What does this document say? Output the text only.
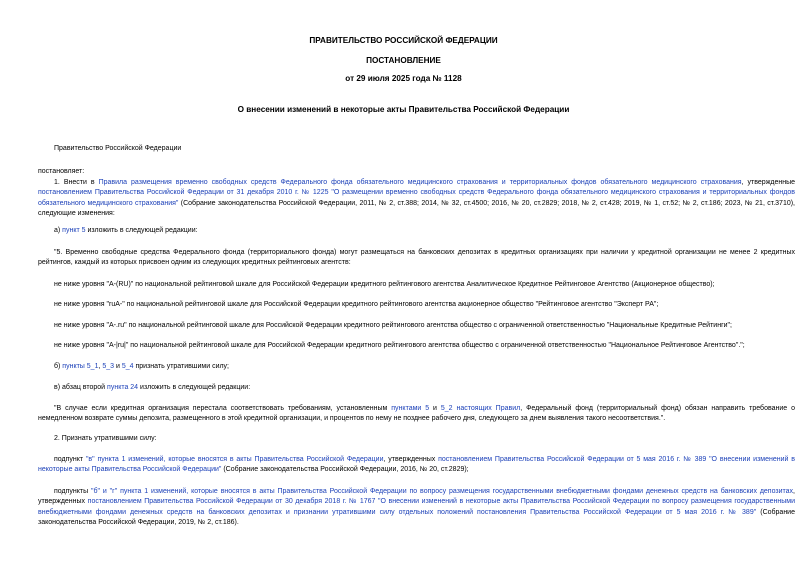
ПРАВИТЕЛЬСТВО РОССИЙСКОЙ ФЕДЕРАЦИИ
ПОСТАНОВЛЕНИЕ
от 29 июля 2025 года № 1128
О внесении изменений в некоторые акты Правительства Российской Федерации

Правительство Российской Федерации

постановляет:

1. Внести в Правила размещения временно свободных средств Федерального фонда обязательного медицинского страхования и территориальных фондов обязательного медицинского страхования, утвержденные постановлением Правительства Российской Федерации от 31 декабря 2010 г. № 1225 "О размещении временно свободных средств Федерального фонда обязательного медицинского страхования и территориальных фондов обязательного медицинского страхования" (Собрание законодательства Российской Федерации, 2011, № 2, ст.388; 2014, № 32, ст.4500; 2016, № 20, ст.2829; 2018, № 2, ст.428; 2019, № 1, ст.52; № 2, ст.186; 2023, № 21, ст.3710), следующие изменения:

а) пункт 5 изложить в следующей редакции:

"5. Временно свободные средства Федерального фонда (территориального фонда) могут размещаться на банковских депозитах в кредитных организациях при наличии у кредитной организации не менее 2 кредитных рейтингов, каждый из которых присвоен одним из следующих кредитных рейтинговых агентств:

не ниже уровня "A-(RU)" по национальной рейтинговой шкале для Российской Федерации кредитного рейтингового агентства Аналитическое Кредитное Рейтинговое Агентство (Акционерное общество);

не ниже уровня "ruA-" по национальной рейтинговой шкале для Российской Федерации кредитного рейтингового агентства акционерное общество "Рейтинговое агентство "Эксперт РА";

не ниже уровня "A-.ru" по национальной рейтинговой шкале для Российской Федерации кредитного рейтингового агентства общество с ограниченной ответственностью "Национальные Кредитные Рейтинги";

не ниже уровня "A-|ru|" по национальной рейтинговой шкале для Российской Федерации кредитного рейтингового агентства общество с ограниченной ответственностью "Национальное Рейтинговое Агентство".";

б) пункты 5_1, 5_3 и 5_4 признать утратившими силу;

в) абзац второй пункта 24 изложить в следующей редакции:

"В случае если кредитная организация перестала соответствовать требованиям, установленным пунктами 5 и 5_2 настоящих Правил, Федеральный фонд (территориальный фонд) обязан направить требование о немедленном возврате суммы депозита, размещенного в этой кредитной организации, и процентов по нему не позднее рабочего дня, следующего за днем выявления такого несоответствия.".

2. Признать утратившими силу:

подпункт "в" пункта 1 изменений, которые вносятся в акты Правительства Российской Федерации, утвержденных постановлением Правительства Российской Федерации от 5 мая 2016 г. № 389 "О внесении изменений в некоторые акты Правительства Российской Федерации" (Собрание законодательства Российской Федерации, 2016, № 20, ст.2829);

подпункты "б" и "г" пункта 1 изменений, которые вносятся в акты Правительства Российской Федерации по вопросу размещения государственными внебюджетными фондами денежных средств на банковских депозитах, утвержденных постановлением Правительства Российской Федерации от 30 декабря 2018 г. № 1767 "О внесении изменений в некоторые акты Правительства Российской Федерации по вопросу размещения государственными внебюджетными фондами денежных средств на банковских депозитах и признании утратившими силу отдельных положений постановления Правительства Российской Федерации от 5 мая 2016 г. № 389" (Собрание законодательства Российской Федерации, 2019, № 2, ст.186).
